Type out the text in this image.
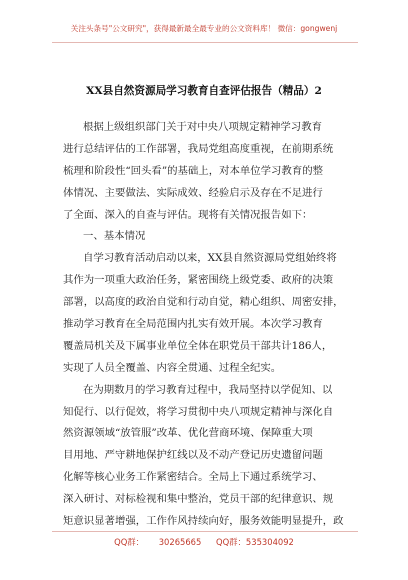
关注头条号"公文研究"，获得最新最全最专业的公文资料库！ 微信：gongwenj
XX县自然资源局学习教育自查评估报告（精品）2
根据上级组织部门关于对中央八项规定精神学习教育
进行总结评估的工作部署，我局党组高度重视，在前期系统
梳理和阶段性“回头看”的基础上，对本单位学习教育的整
体情况、主要做法、实际成效、经验启示及存在不足进行
了全面、深入的自查与评估。现将有关情况报告如下：
一、基本情况
自学习教育活动启动以来，XX县自然资源局党组始终将
其作为一项重大政治任务，紧密围绕上级党委、政府的决策
部署，以高度的政治自觉和行动自觉，精心组织、周密安排，
推动学习教育在全局范围内扎实有效开展。本次学习教育
覆盖局机关及下属事业单位全体在职党员干部共计186人，
实现了人员全覆盖、内容全贯通、过程全纪实。
在为期数月的学习教育过程中，我局坚持以学促知、以
知促行、以行促效，将学习贯彻中央八项规定精神与深化自
然资源领域“放管服”改革、优化营商环境、保障重大项
目用地、严守耕地保护红线以及不动产登记历史遗留问题
化解等核心业务工作紧密结合。全局上下通过系统学习、
深入研讨、对标检视和集中整治，党员干部的纪律意识、规
矩意识显著增强，工作作风持续向好，服务效能明显提升，政
QQ群： 30265665 QQ群：535304092
